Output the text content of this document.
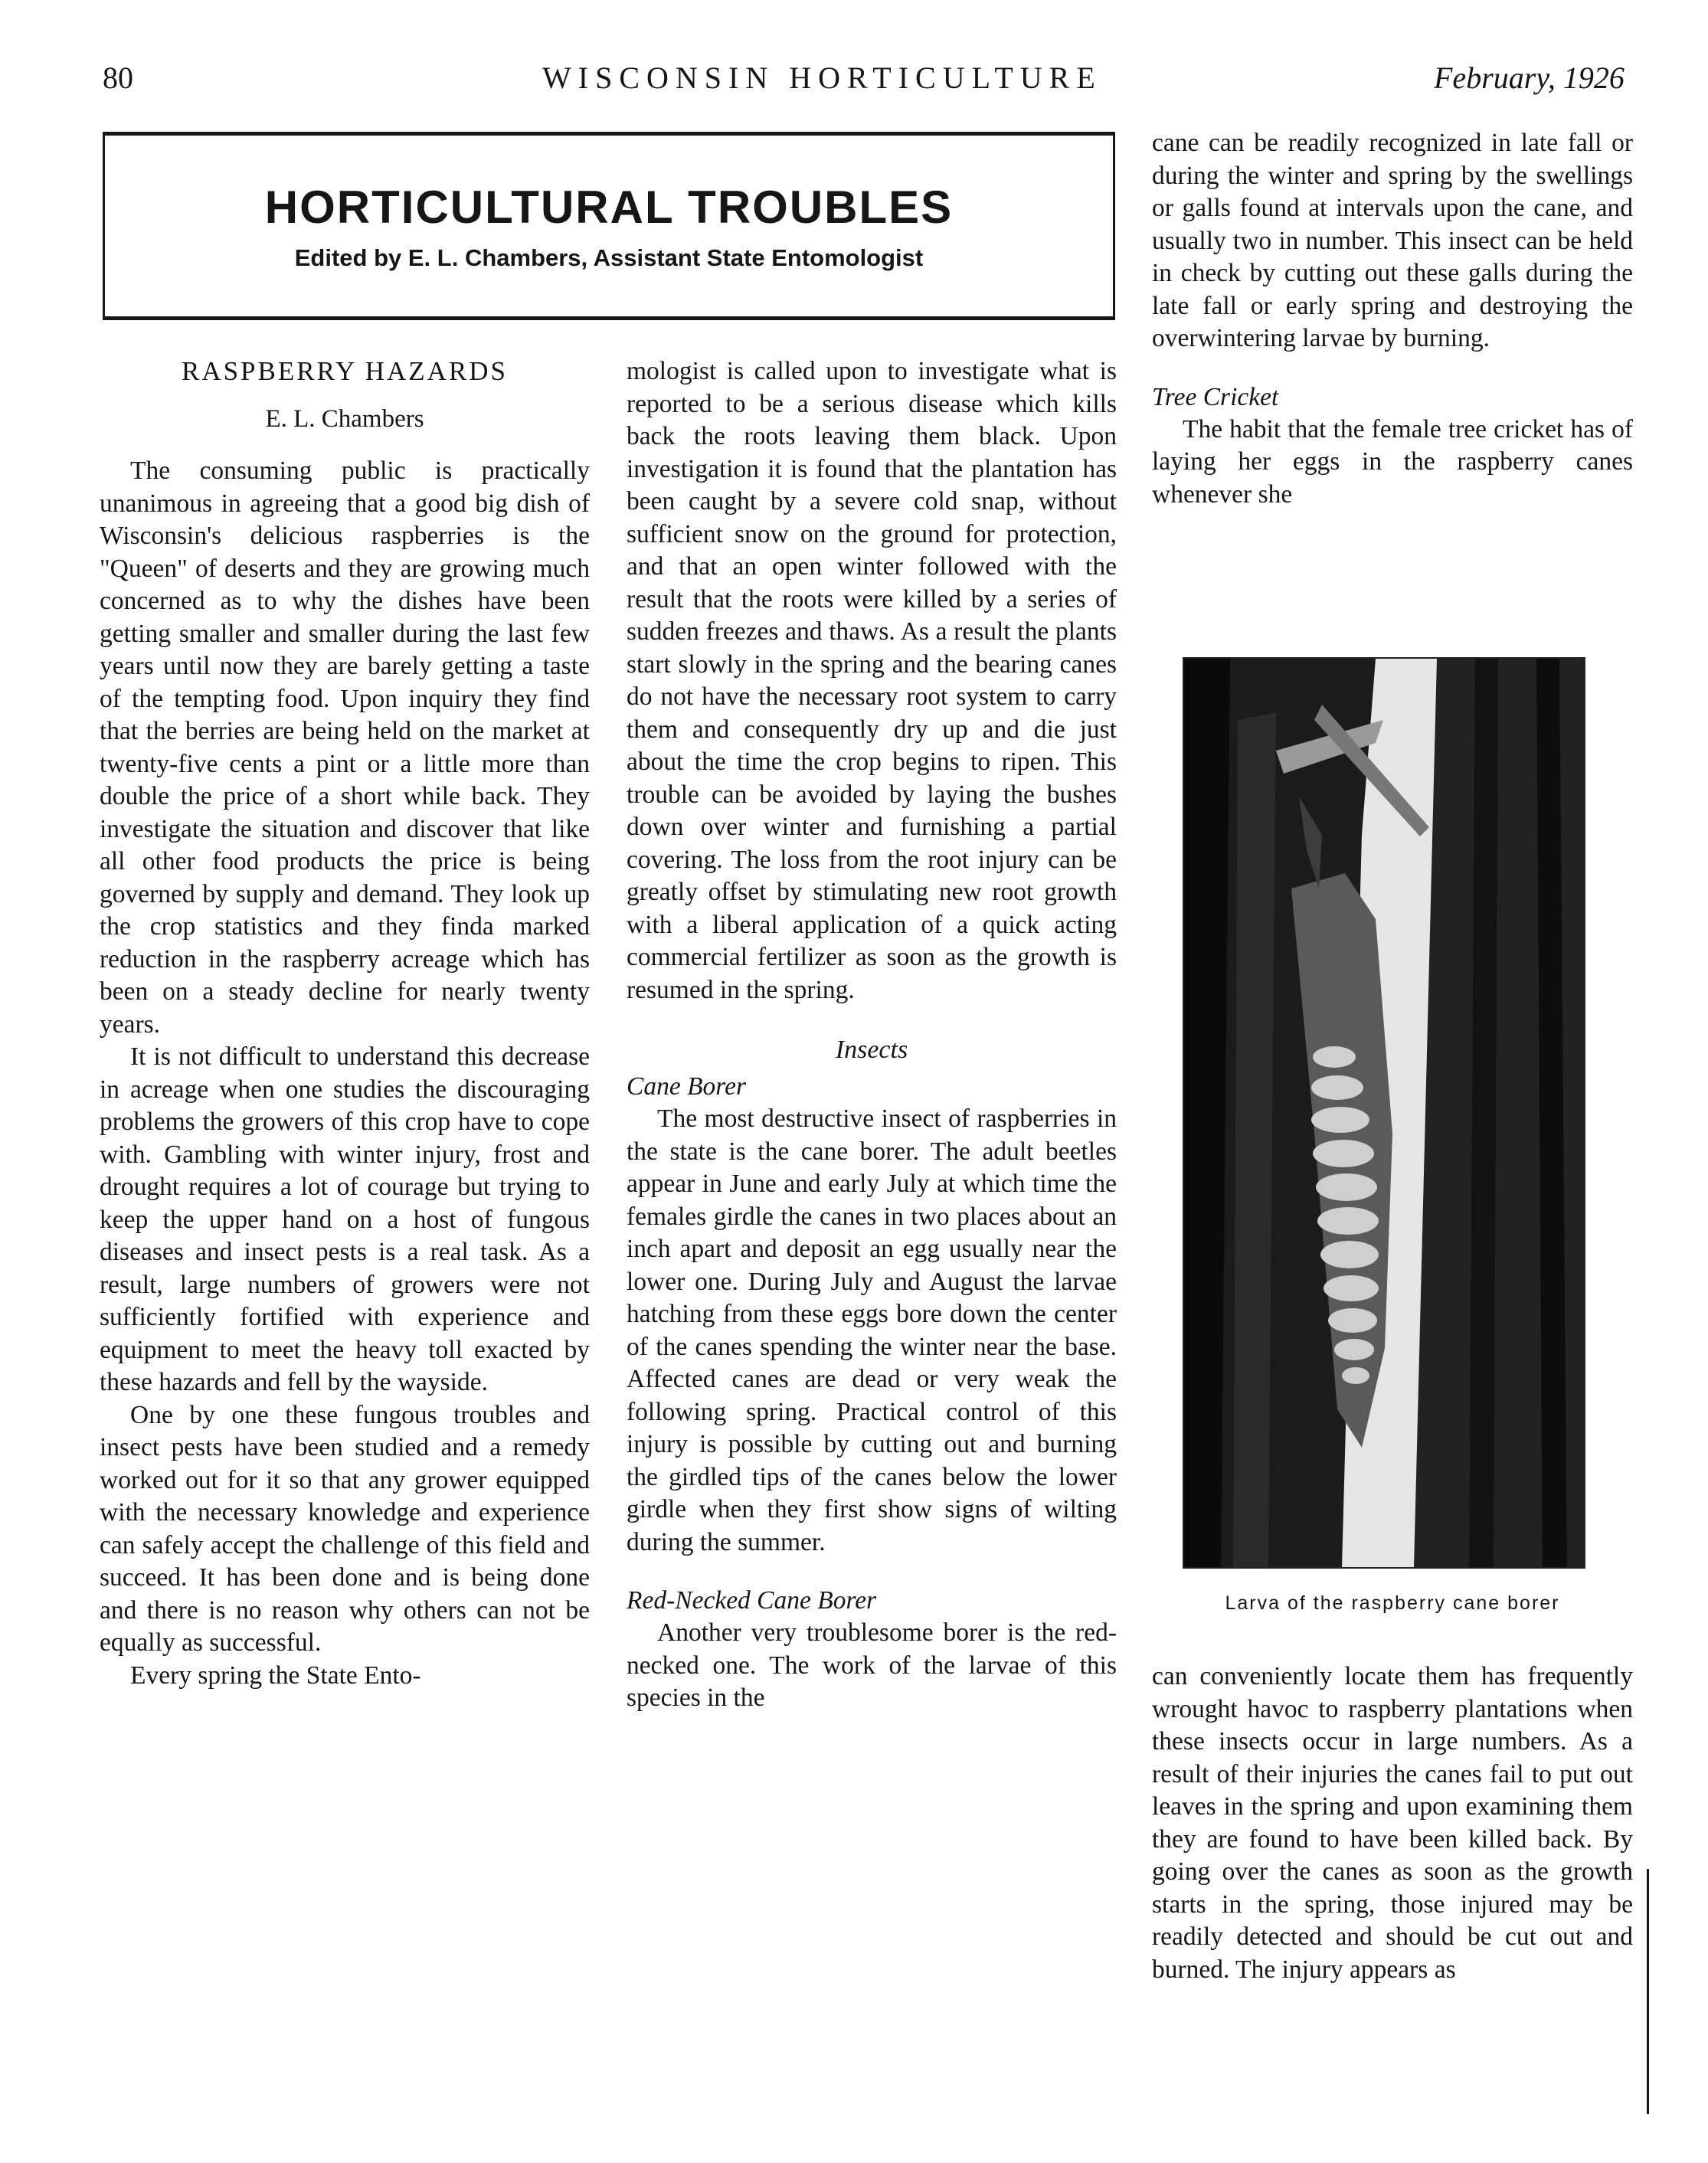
80	WISCONSIN HORTICULTURE	February, 1926
HORTICULTURAL TROUBLES
Edited by E. L. Chambers, Assistant State Entomologist
RASPBERRY HAZARDS
E. L. Chambers

The consuming public is practically unanimous in agreeing that a good big dish of Wisconsin's delicious raspberries is the "Queen" of deserts and they are growing much concerned as to why the dishes have been getting smaller and smaller during the last few years until now they are barely getting a taste of the tempting food. Upon inquiry they find that the berries are being held on the market at twenty-five cents a pint or a little more than double the price of a short while back. They investigate the situation and discover that like all other food products the price is being governed by supply and demand. They look up the crop statistics and they finda marked reduction in the raspberry acreage which has been on a steady decline for nearly twenty years.

It is not difficult to understand this decrease in acreage when one studies the discouraging problems the growers of this crop have to cope with. Gambling with winter injury, frost and drought requires a lot of courage but trying to keep the upper hand on a host of fungous diseases and insect pests is a real task. As a result, large numbers of growers were not sufficiently fortified with experience and equipment to meet the heavy toll exacted by these hazards and fell by the wayside.

One by one these fungous troubles and insect pests have been studied and a remedy worked out for it so that any grower equipped with the necessary knowledge and experience can safely accept the challenge of this field and succeed. It has been done and is being done and there is no reason why others can not be equally as successful.

Every spring the State Ento-

mologist is called upon to investigate what is reported to be a serious disease which kills back the roots leaving them black. Upon investigation it is found that the plantation has been caught by a severe cold snap, without sufficient snow on the ground for protection, and that an open winter followed with the result that the roots were killed by a series of sudden freezes and thaws. As a result the plants start slowly in the spring and the bearing canes do not have the necessary root system to carry them and consequently dry up and die just about the time the crop begins to ripen. This trouble can be avoided by laying the bushes down over winter and furnishing a partial covering. The loss from the root injury can be greatly offset by stimulating new root growth with a liberal application of a quick acting commercial fertilizer as soon as the growth is resumed in the spring.

Insects
Cane Borer

The most destructive insect of raspberries in the state is the cane borer. The adult beetles appear in June and early July at which time the females girdle the canes in two places about an inch apart and deposit an egg usually near the lower one. During July and August the larvae hatching from these eggs bore down the center of the canes spending the winter near the base. Affected canes are dead or very weak the following spring. Practical control of this injury is possible by cutting out and burning the girdled tips of the canes below the lower girdle when they first show signs of wilting during the summer.

Red-Necked Cane Borer

Another very troublesome borer is the red-necked one. The work of the larvae of this species in the

cane can be readily recognized in late fall or during the winter and spring by the swellings or galls found at intervals upon the cane, and usually two in number. This insect can be held in check by cutting out these galls during the late fall or early spring and destroying the overwintering larvae by burning.

Tree Cricket

The habit that the female tree cricket has of laying her eggs in the raspberry canes whenever she

Larva of the raspberry cane borer

can conveniently locate them has frequently wrought havoc to raspberry plantations when these insects occur in large numbers. As a result of their injuries the canes fail to put out leaves in the spring and upon examining them they are found to have been killed back. By going over the canes as soon as the growth starts in the spring, those injured may be readily detected and should be cut out and burned. The injury appears as
